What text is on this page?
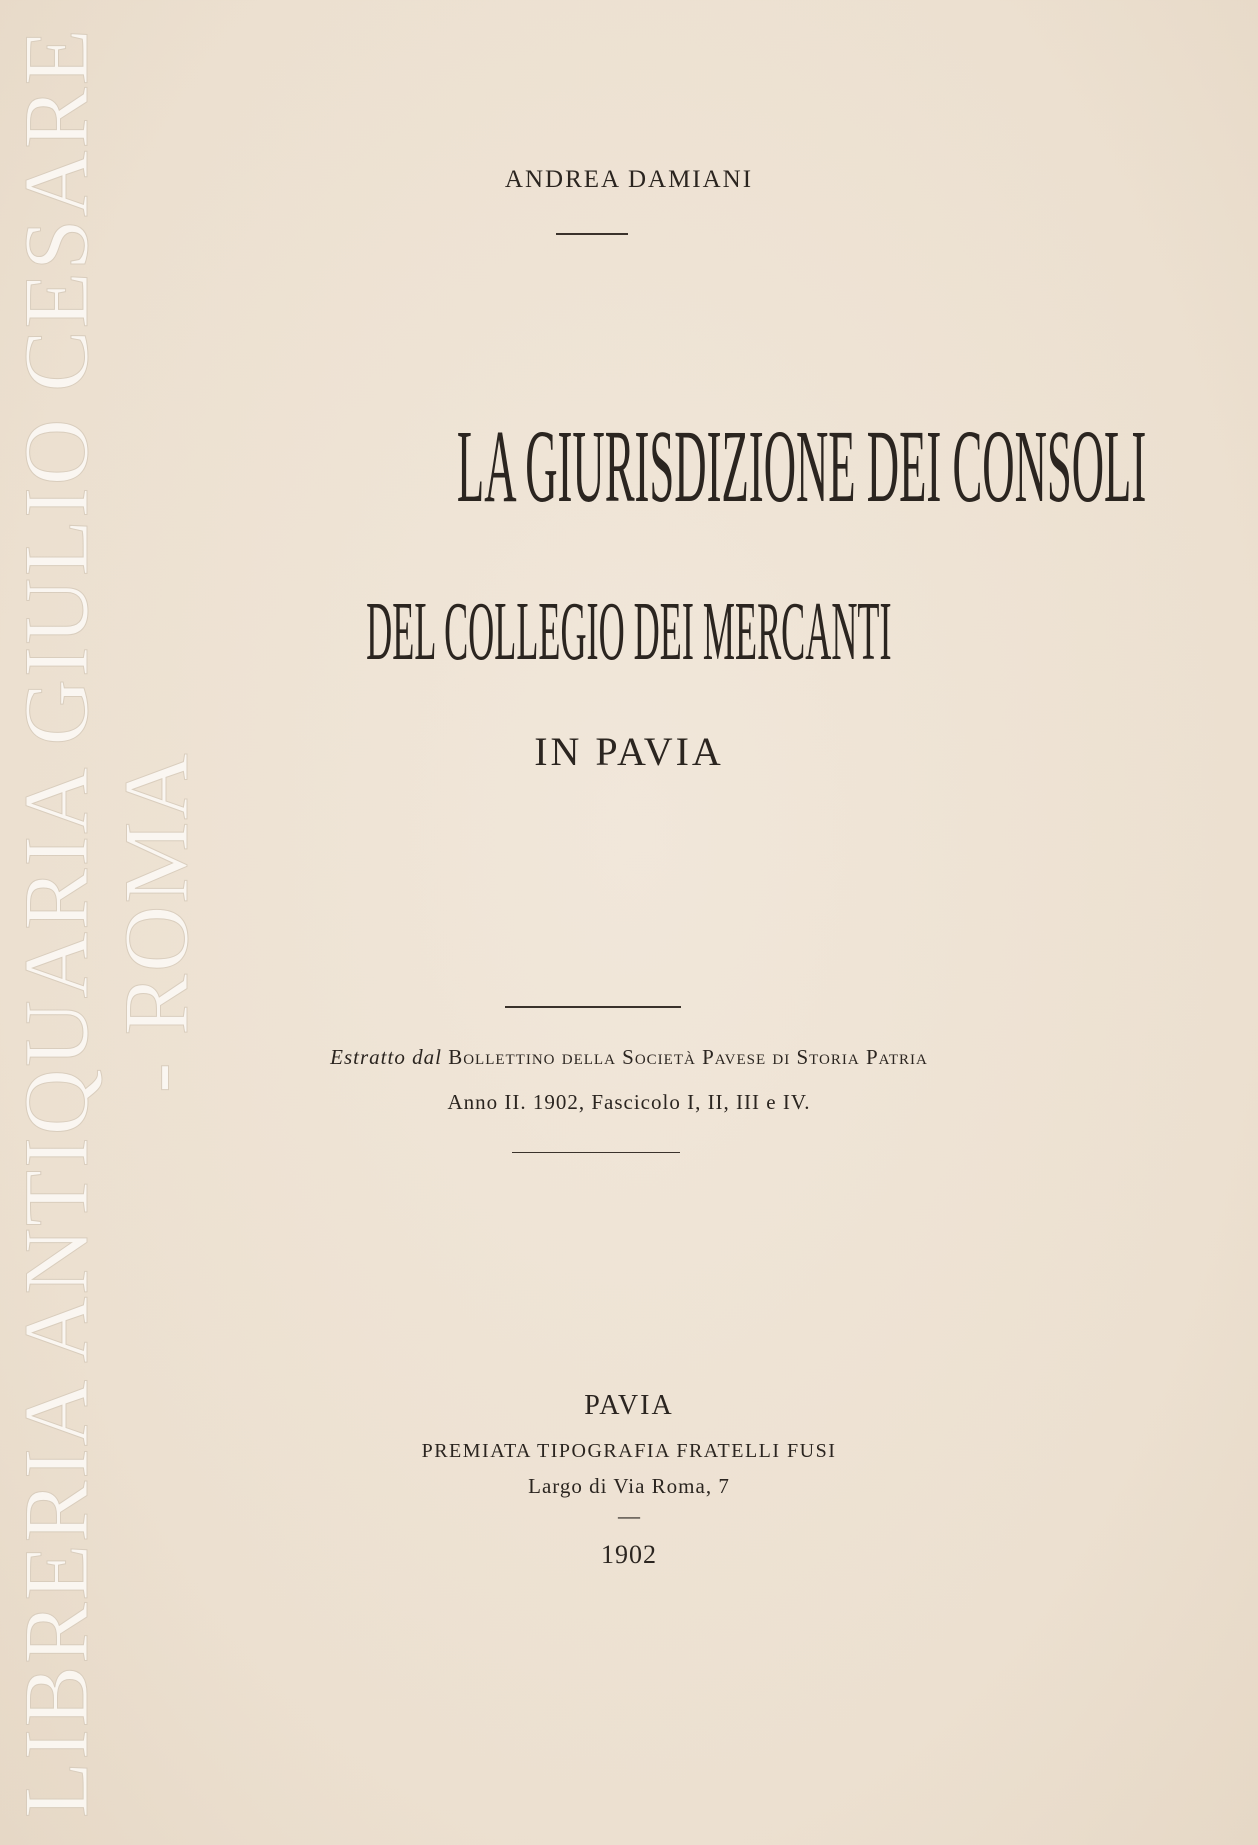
ANDREA DAMIANI
LA GIURISDIZIONE DEI CONSOLI
DEL COLLEGIO DEI MERCANTI
IN PAVIA
Estratto dal Bollettino della Società Pavese di Storia Patria
Anno II. 1902, Fascicolo I, II, III e IV.
PAVIA
PREMIATA TIPOGRAFIA FRATELLI FUSI
Largo di Via Roma, 7
—
1902
LIBRERIA ANTIQUARIA GIULIO CESARE - ROMA
